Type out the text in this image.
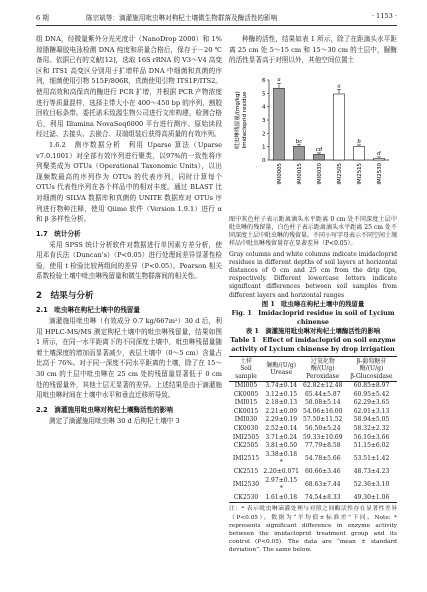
6 期	陈宗斌等：滴灌施用吡虫啉对枸杞土壤微生物群落及酶活性的影响	· 1153 ·

组 DNA，经微量紫外分光光度计（NanoDrop 2000）和 1%琼脂糖凝胶电泳检测 DNA 纯度和质量合格后，保存于－20 ℃ 备用。依据已有的文献[12]，选取 16S rRNA 的 V3～V4 高变区和 ITS1 高变区分别用于扩增样品 DNA 中细菌和真菌的序列，细菌使用引物 515F/806R，真菌使用引物 ITS1F/ITS2。使用高效和高保真的酶进行 PCR 扩增，并根据 PCR 产物浓度进行等质量混样，选择主带大小在 400～450 bp 的序列，割胶回收目标条带。委托诺禾致源生物公司进行文库构建，检测合格后，利用 Illumina NovaSeq6000 平台进行测序。原始读段经过滤、去接头、去嵌合、双端组装后获得高质量的有效序列。

1.6.2　测序数据分析　利用 Uparse 算法（Uparse v7.0.1001）对全部有效序列进行聚类，以97%的一致性将序列聚类成为 OTUs（Operational Taxonomic Units），以出现频数最高的序列作为 OTUs 的代表序列，同时计算每个 OTUs 代表性序列在各个样品中的相对丰度。通过 BLAST 比对细菌的 SILVA 数据库和真菌的 UNITE 数据库对 OTUs 序列进行物种注释，使用 Qiime 软件（Version 1.9.1）进行 α 和 β 多样性分析。

1.7　统计分析

采用 SPSS 统计分析软件对数据进行单因素方差分析，使用邓肯氏法（Duncan's）（P<0.05）进行处理间差异显著性检验，使用 t 检验比较两组间的差异（P<0.05）。Pearson 相关系数检验土壤中吡虫啉残留量和微生物群落间的相关性。

2　结果与分析
2.1　吡虫啉在枸杞土壤中的残留量

滴灌施用吡虫啉（有效成分 0.7 kg/667m²）30 d 后，利用 HPLC-MS/MS 测定枸杞土壤中的吡虫啉残留量，结果如图 1 所示，在同一水平距离下的不同深度土壤中，吡虫啉残留量随着土壤深度的增加而显著减少，表层土壤中（0～5 cm）含量占比高于 76%。对于同一深度不同水平距离的土壤，除了在 15～30 cm 的土层中吡虫啉在 25 cm 处的残留量显著低于 0 cm 处的残留量外，其他土层无显著的差异。上述结果是由于滴灌施用吡虫啉时间在土壤中水平和垂直迁移所导致。

2.2　滴灌施用吡虫啉对枸杞土壤酶活性的影响

测定了滴灌施用吡虫啉 30 d 后枸杞土壤中 3

种酶的活性，结果如表 1 所示，除了在距滴头水平距离 25 cm 处 5～15 cm 和 15～30 cm 的土层中，脲酶的活性显著高于对照以外，其他空间位置土

吡虫啉残留量/(mg/kg) Imidacloprid residue
0
1
2
3
4
5
6 a
IMI0005
bc
IMI0015
cd
IMI0030
a
IMI2505
b
IMI2515
d
IMI2530
图中灰色柱子表示距离滴头水平距离 0 cm 处不同深度土层中吡虫啉的残留量，白色柱子表示距离滴头水平距离 25 cm 处不同深度土层中吡虫啉的残留量。不同小写字母表示不同空间土壤样品中吡虫啉残留量存在显著差异（P<0.05）。
Gray columns and white columns indicate imidacloprid residues in different depths of soil layers at horizontal distances of 0 cm and 25 cm from the drip tips, respectively. Different lowercase letters indicate significant differences between soil samples from different layers and horizontal ranges
图 1　吡虫啉在枸杞土壤中的残留量
Fig. 1　Imidacloprid residue in soil of Lycium chinense
表 1　滴灌施用吡虫啉对枸杞土壤酶活性的影响
Table 1　Effect of imidacloprid on soil enzyme activity of Lycium chinense by drop irrigation
土样
Soil sample	脲酶/(U/g)
Urease	过氧化物酶/(U/g)
Peroxidase	β-葡萄糖苷酶/(U/g)
β-Glucosidase
IMI005	3.74±0.14	62.82±12.48	60.85±8.97
CK0005	3.12±0.15	65.44±5.87	60.95±5.42
IMI015	2.18±0.13	58.08±5.14	62.29±3.65
CK0015	2.21±0.09	54.06±16.00	62.91±3.13
IMI030	2.29±0.19	57.50±11.52	58.94±5.05
CK0030	2.52±0.14	56.50±5.24	58.32±2.32
IMI2505	3.71±0.24	59.33±10.69	56.10±3.66
CK2505	3.81±0.50	77.79±8.58	51.15±6.02
IMI2515	3.38±0.18 *	54.78±5.66	53.51±1.42
CK2515	2.20±0.071	60.66±3.46	48.73±4.23
IMI2530	2.97±0.15 *	68.63±7.44	52.36±3.10
CK2530	1.61±0.18	74.54±8.33	49.30±1.06
注：* 表示吡虫啉滴灌处理与对照之间酶活性存在显著性差异（P<0.05）。数据为“平均值±标准差”下同。Note: * represents significant difference in enzyme activity between the imidacloprid treatment group and its control (P<0.05). The data are “mean ± standard deviation”. The same below.
